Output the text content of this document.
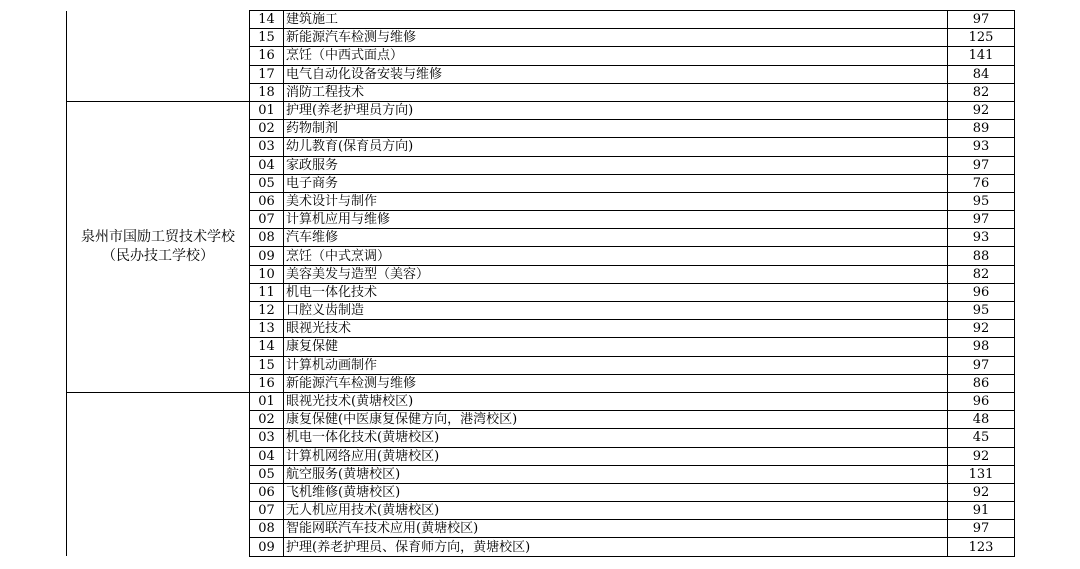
	14	建筑施工	97
	15	新能源汽车检测与维修	125
	16	烹饪（中西式面点）	141
	17	电气自动化设备安装与维修	84
	18	消防工程技术	82

泉州市国励工贸技术学校
（民办技工学校）	01	护理(养老护理员方向)	92
	02	药物制剂	89
	03	幼儿教育(保育员方向)	93
	04	家政服务	97
	05	电子商务	76
	06	美术设计与制作	95
	07	计算机应用与维修	97
	08	汽车维修	93
	09	烹饪（中式烹调）	88
	10	美容美发与造型（美容）	82
	11	机电一体化技术	96
	12	口腔义齿制造	95
	13	眼视光技术	92
	14	康复保健	98
	15	计算机动画制作	97
	16	新能源汽车检测与维修	86

	01	眼视光技术(黄塘校区)	96
	02	康复保健(中医康复保健方向，港湾校区)	48
	03	机电一体化技术(黄塘校区)	45
	04	计算机网络应用(黄塘校区)	92
	05	航空服务(黄塘校区)	131
	06	飞机维修(黄塘校区)	92
	07	无人机应用技术(黄塘校区)	91
	08	智能网联汽车技术应用(黄塘校区)	97
	09	护理(养老护理员、保育师方向，黄塘校区)	123
